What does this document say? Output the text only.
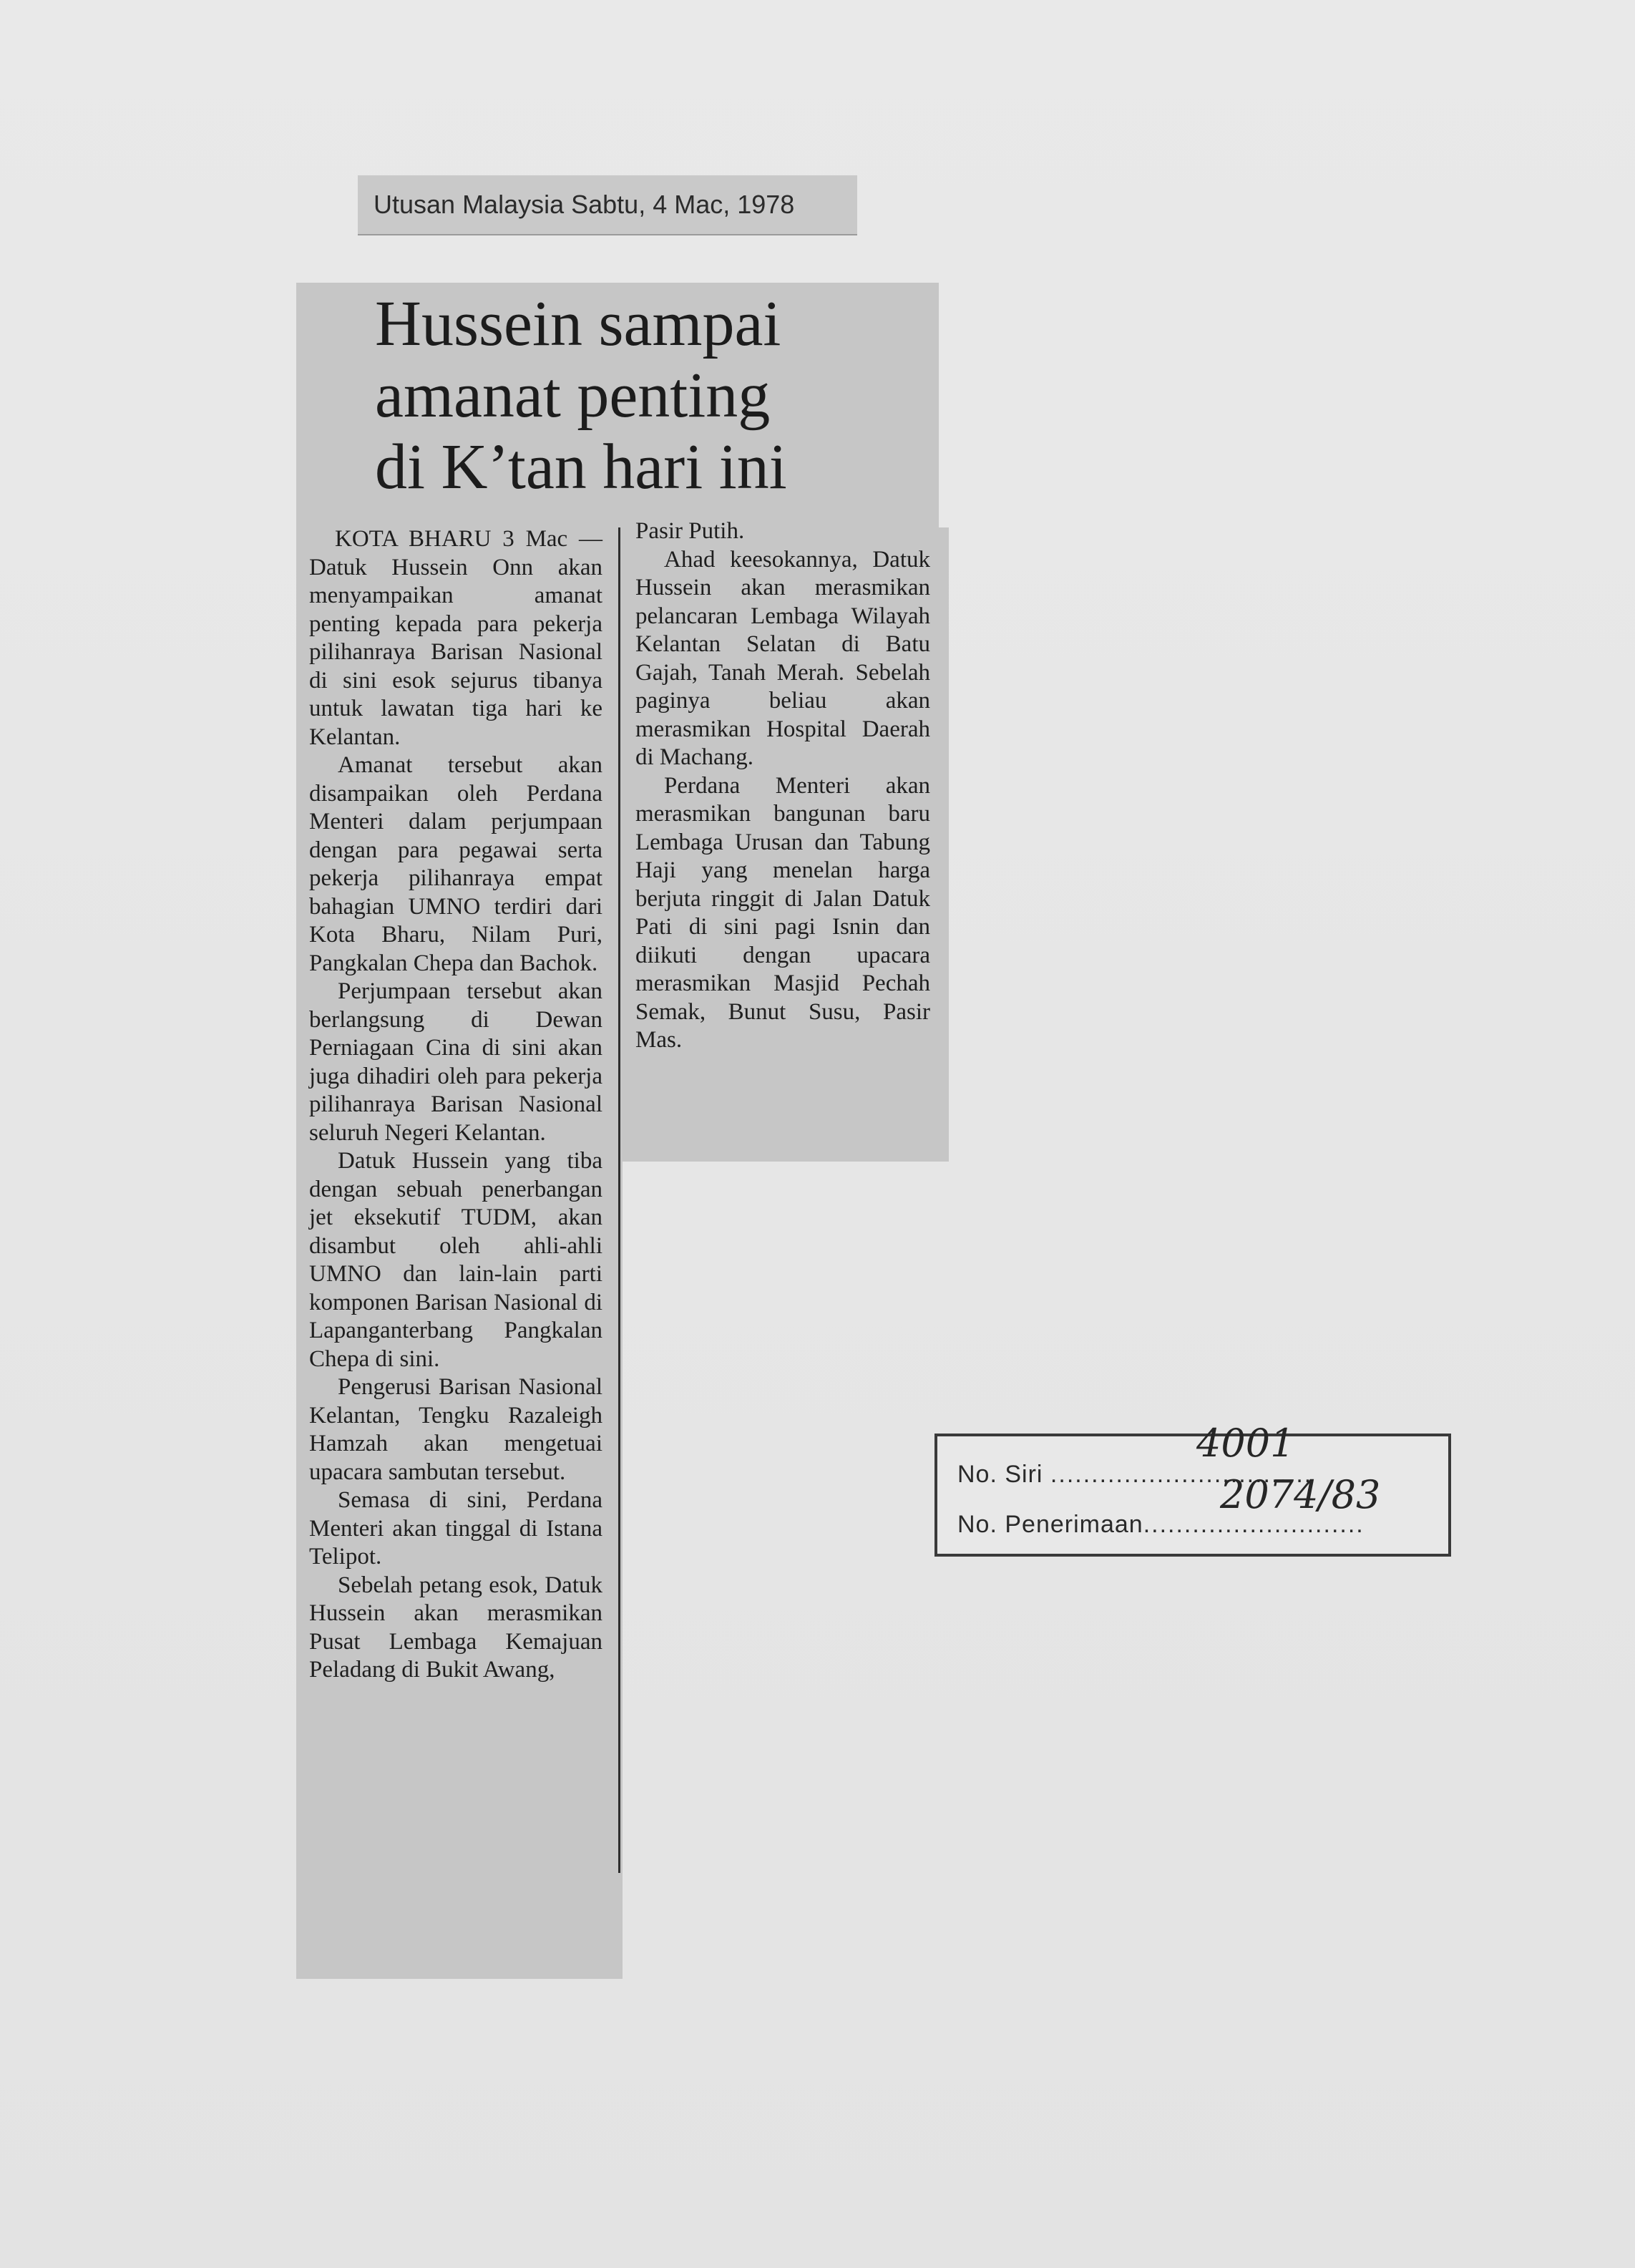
Utusan Malaysia Sabtu, 4 Mac, 1978
Hussein sampai
amanat penting
di K’tan hari ini

KOTA BHARU 3 Mac — Datuk Hussein Onn akan menyampaikan amanat penting kepada para pekerja pilihanraya Barisan Nasional di sini esok sejurus tibanya untuk lawatan tiga hari ke Kelantan.

Amanat tersebut akan disampaikan oleh Perdana Menteri dalam perjumpaan dengan para pegawai serta pekerja pilihanraya empat bahagian UMNO terdiri dari Kota Bharu, Nilam Puri, Pangkalan Chepa dan Bachok.

Perjumpaan tersebut akan berlangsung di Dewan Perniagaan Cina di sini akan juga dihadiri oleh para pekerja pilihanraya Barisan Nasional seluruh Negeri Kelantan.

Datuk Hussein yang tiba dengan sebuah penerbangan jet eksekutif TUDM, akan disambut oleh ahli-ahli UMNO dan lain-lain parti komponen Barisan Nasional di Lapanganterbang Pangkalan Chepa di sini.

Pengerusi Barisan Nasional Kelantan, Tengku Razaleigh Hamzah akan mengetuai upacara sambutan tersebut.

Semasa di sini, Perdana Menteri akan tinggal di Istana Telipot.

Sebelah petang esok, Datuk Hussein akan merasmikan Pusat Lembaga Kemajuan Peladang di Bukit Awang,

Pasir Putih.

Ahad keesokannya, Datuk Hussein akan merasmikan pelancaran Lembaga Wilayah Kelantan Selatan di Batu Gajah, Tanah Merah. Sebelah paginya beliau akan merasmikan Hospital Daerah di Machang.

Perdana Menteri akan merasmikan bangunan baru Lembaga Urusan dan Tabung Haji yang menelan harga berjuta ringgit di Jalan Datuk Pati di sini pagi Isnin dan diikuti dengan upacara merasmikan Masjid Pechah Semak, Bunut Susu, Pasir Mas.

No. Siri ................................
No. Penerimaan...........................
4001
2074/83
